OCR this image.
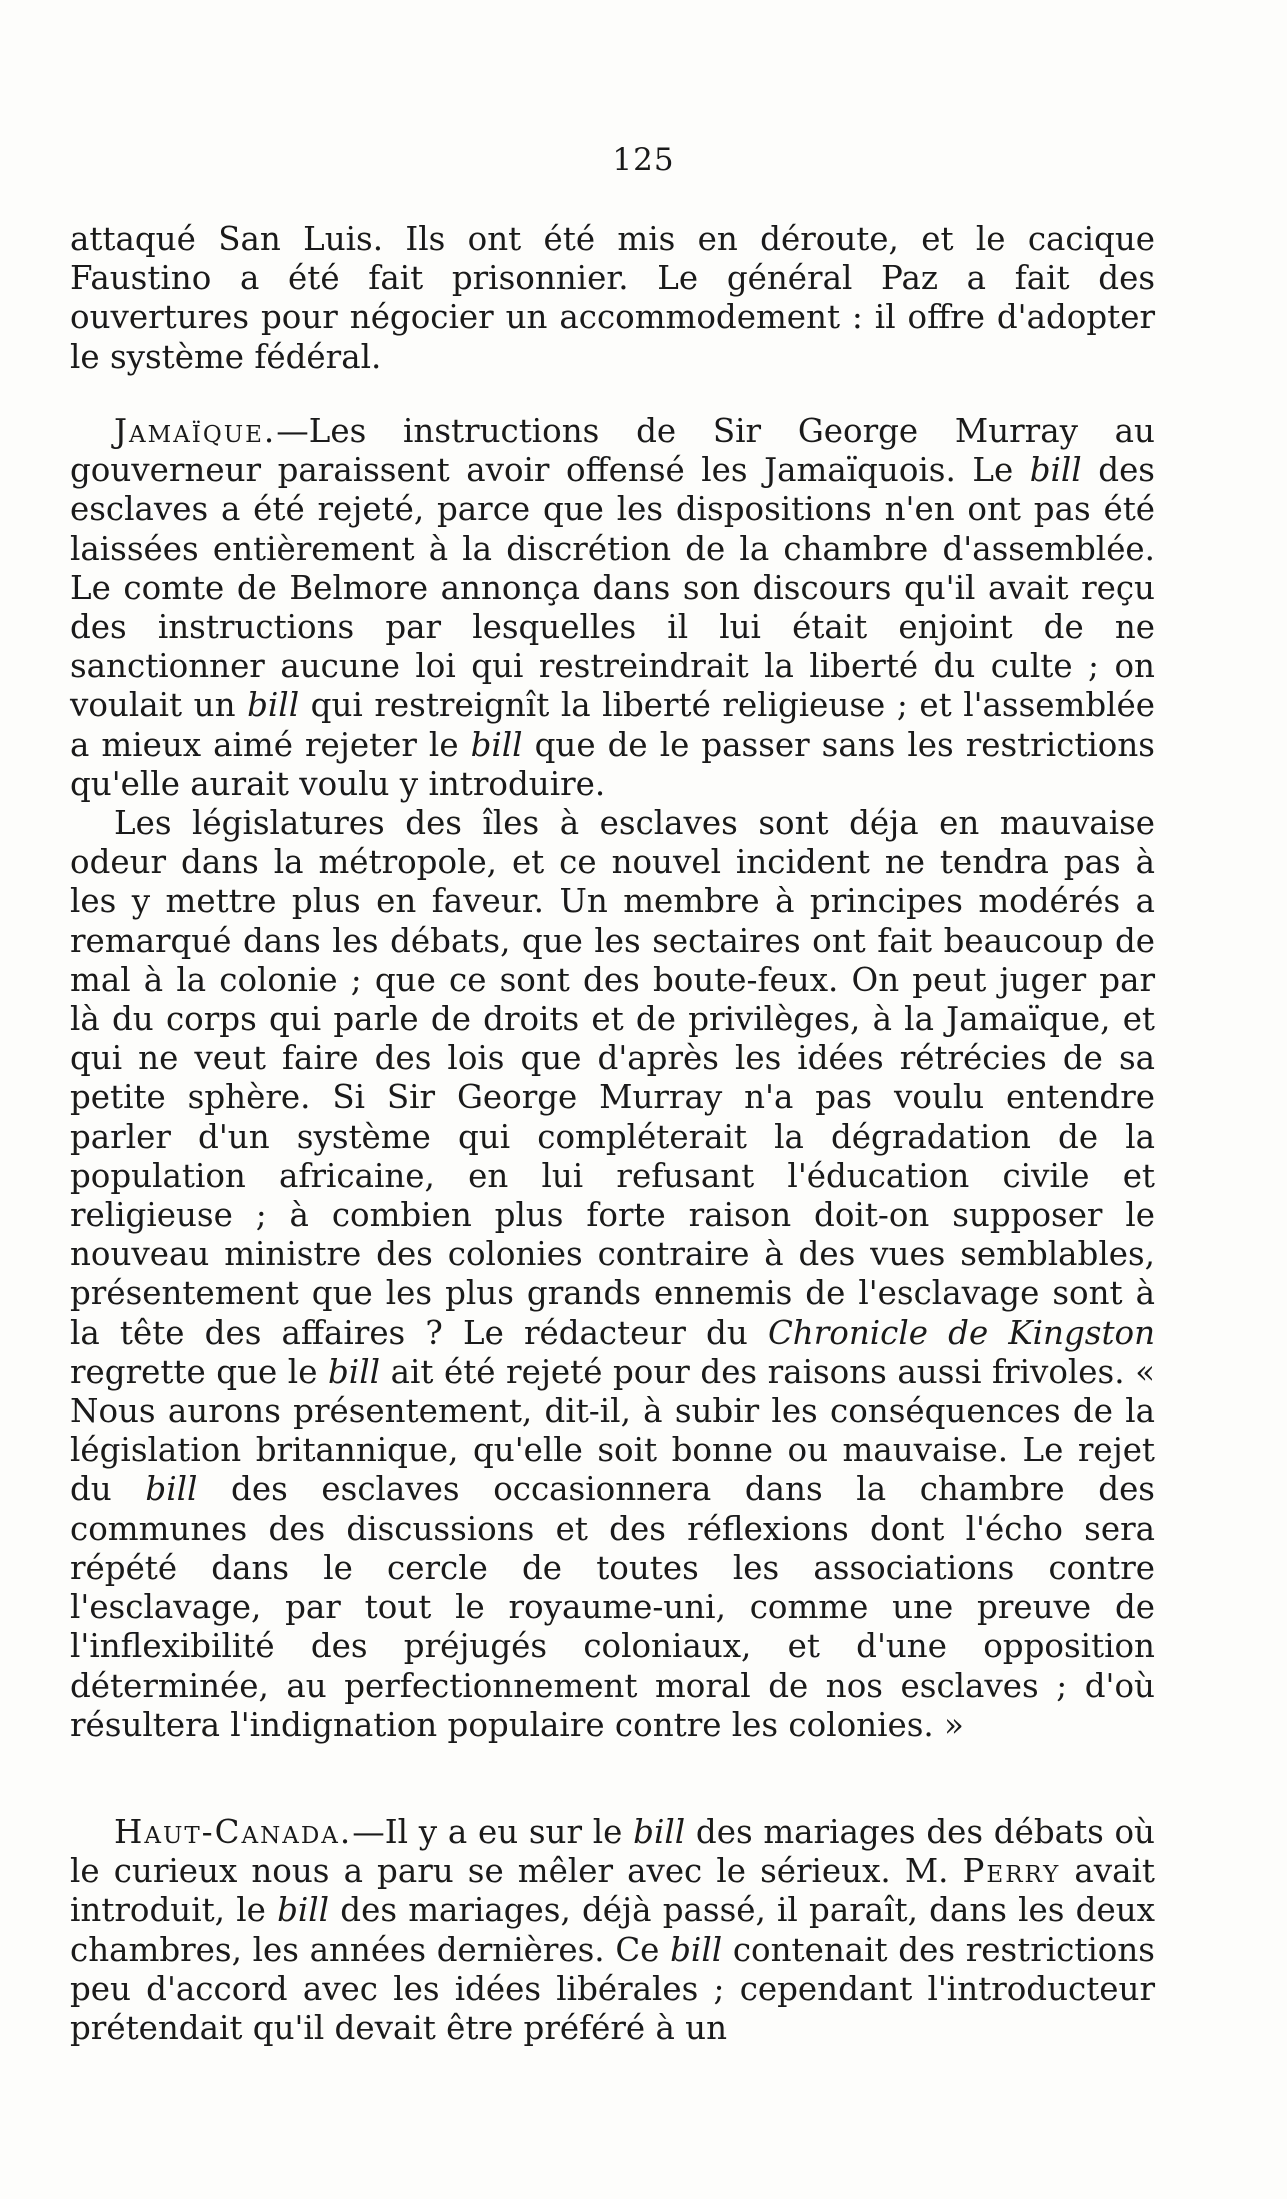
125

attaqué San Luis. Ils ont été mis en déroute, et le cacique Faustino a été fait prisonnier. Le général Paz a fait des ouvertures pour négocier un accommodement : il offre d'adopter le système fédéral.

Jamaïque.—Les instructions de Sir George Murray au gouverneur paraissent avoir offensé les Jamaïquois. Le bill des esclaves a été rejeté, parce que les dispositions n'en ont pas été laissées entièrement à la discrétion de la chambre d'assemblée. Le comte de Belmore annonça dans son discours qu'il avait reçu des instructions par lesquelles il lui était enjoint de ne sanctionner aucune loi qui restreindrait la liberté du culte ; on voulait un bill qui restreignît la liberté religieuse ; et l'assemblée a mieux aimé rejeter le bill que de le passer sans les restrictions qu'elle aurait voulu y introduire.

Les législatures des îles à esclaves sont déja en mauvaise odeur dans la métropole, et ce nouvel incident ne tendra pas à les y mettre plus en faveur. Un membre à principes modérés a remarqué dans les débats, que les sectaires ont fait beaucoup de mal à la colonie ; que ce sont des boute-feux. On peut juger par là du corps qui parle de droits et de privilèges, à la Jamaïque, et qui ne veut faire des lois que d'après les idées rétrécies de sa petite sphère. Si Sir George Murray n'a pas voulu entendre parler d'un système qui compléterait la dégradation de la population africaine, en lui refusant l'éducation civile et religieuse ; à combien plus forte raison doit-on supposer le nouveau ministre des colonies contraire à des vues semblables, présentement que les plus grands ennemis de l'esclavage sont à la tête des affaires ? Le rédacteur du Chronicle de Kingston regrette que le bill ait été rejeté pour des raisons aussi frivoles. « Nous aurons présentement, dit-il, à subir les conséquences de la législation britannique, qu'elle soit bonne ou mauvaise. Le rejet du bill des esclaves occasionnera dans la chambre des communes des discussions et des réflexions dont l'écho sera répété dans le cercle de toutes les associations contre l'esclavage, par tout le royaume-uni, comme une preuve de l'inflexibilité des préjugés coloniaux, et d'une opposition déterminée, au perfectionnement moral de nos esclaves ; d'où résultera l'indignation populaire contre les colonies. »

Haut-Canada.—Il y a eu sur le bill des mariages des débats où le curieux nous a paru se mêler avec le sérieux. M. Perry avait introduit, le bill des mariages, déjà passé, il paraît, dans les deux chambres, les années dernières. Ce bill contenait des restrictions peu d'accord avec les idées libérales ; cependant l'introducteur prétendait qu'il devait être préféré à un
